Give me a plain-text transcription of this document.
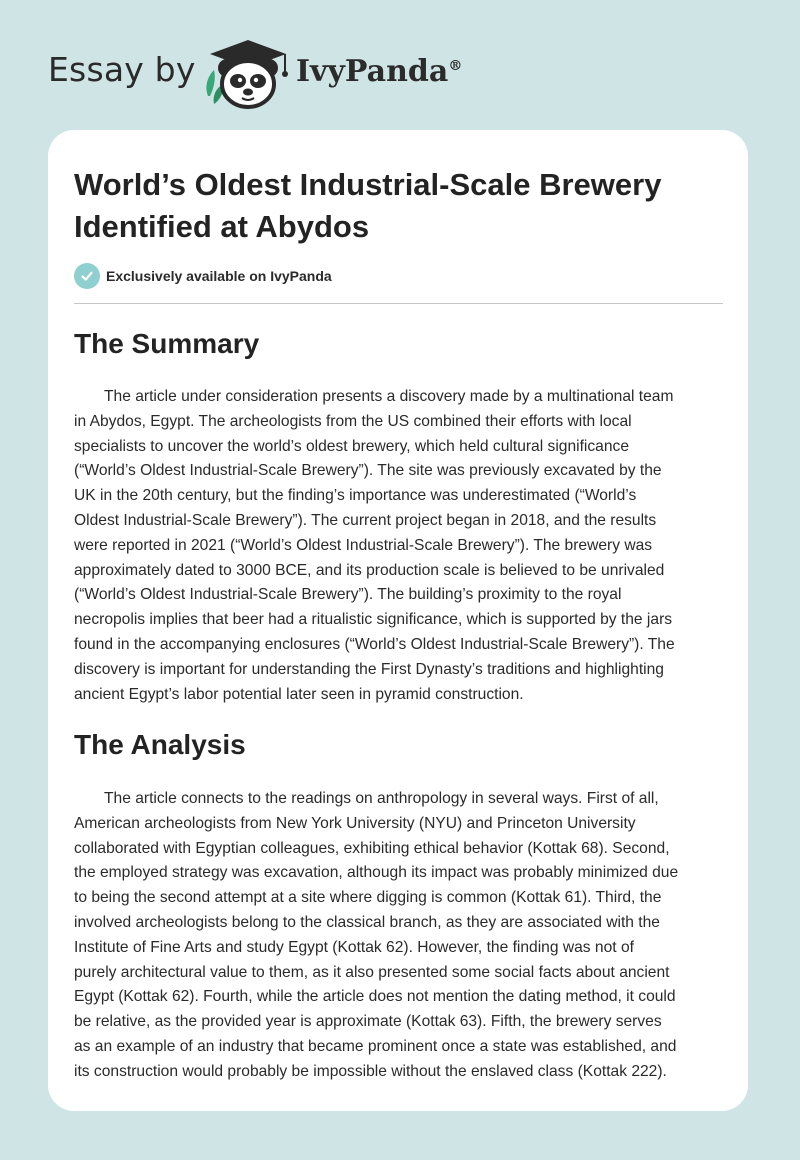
Essay by	IvyPanda®
World’s Oldest Industrial-Scale Brewery
Identified at Abydos
Exclusively available on IvyPanda
The Summary
The article under consideration presents a discovery made by a multinational team
in Abydos, Egypt. The archeologists from the US combined their efforts with local
specialists to uncover the world’s oldest brewery, which held cultural significance
(“World’s Oldest Industrial-Scale Brewery”). The site was previously excavated by the
UK in the 20th century, but the finding’s importance was underestimated (“World’s
Oldest Industrial-Scale Brewery”). The current project began in 2018, and the results
were reported in 2021 (“World’s Oldest Industrial-Scale Brewery”). The brewery was
approximately dated to 3000 BCE, and its production scale is believed to be unrivaled
(“World’s Oldest Industrial-Scale Brewery”). The building’s proximity to the royal
necropolis implies that beer had a ritualistic significance, which is supported by the jars
found in the accompanying enclosures (“World’s Oldest Industrial-Scale Brewery”). The
discovery is important for understanding the First Dynasty’s traditions and highlighting
ancient Egypt’s labor potential later seen in pyramid construction.
The Analysis
The article connects to the readings on anthropology in several ways. First of all,
American archeologists from New York University (NYU) and Princeton University
collaborated with Egyptian colleagues, exhibiting ethical behavior (Kottak 68). Second,
the employed strategy was excavation, although its impact was probably minimized due
to being the second attempt at a site where digging is common (Kottak 61). Third, the
involved archeologists belong to the classical branch, as they are associated with the
Institute of Fine Arts and study Egypt (Kottak 62). However, the finding was not of
purely architectural value to them, as it also presented some social facts about ancient
Egypt (Kottak 62). Fourth, while the article does not mention the dating method, it could
be relative, as the provided year is approximate (Kottak 63). Fifth, the brewery serves
as an example of an industry that became prominent once a state was established, and
its construction would probably be impossible without the enslaved class (Kottak 222).
